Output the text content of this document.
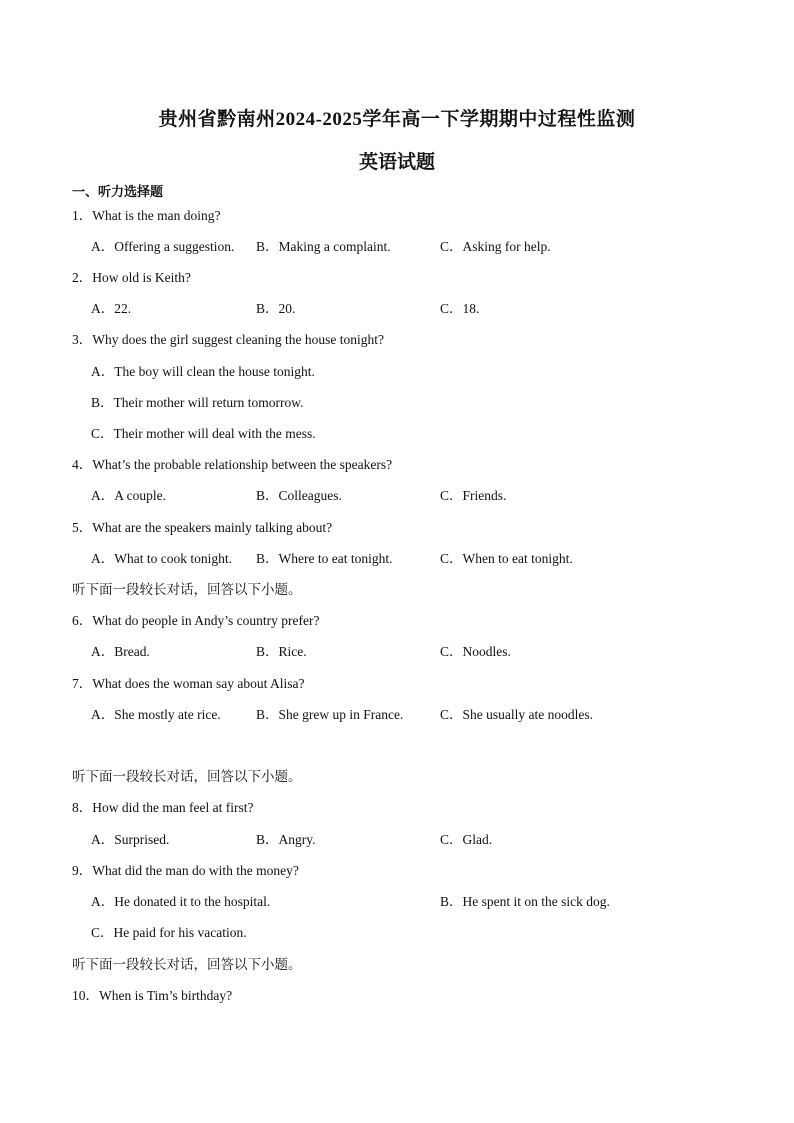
贵州省黔南州2024-2025学年高一下学期期中过程性监测
英语试题
一、听力选择题
1．What is the man doing?
A．Offering a suggestion. B．Making a complaint.	C．Asking for help.
2．How old is Keith?
A．22.	B．20.	C．18.
3．Why does the girl suggest cleaning the house tonight?
A．The boy will clean the house tonight.
B．Their mother will return tomorrow.
C．Their mother will deal with the mess.
4．What’s the probable relationship between the speakers?
A．A couple.	B．Colleagues.	C．Friends.
5．What are the speakers mainly talking about?
A．What to cook tonight. B．Where to eat tonight.	C．When to eat tonight.
听下面一段较长对话，回答以下小题。
6．What do people in Andy’s country prefer?
A．Bread.	B．Rice.	C．Noodles.
7．What does the woman say about Alisa?
A．She mostly ate rice.	B．She grew up in France.	C．She usually ate noodles.
听下面一段较长对话，回答以下小题。
8．How did the man feel at first?
A．Surprised.	B．Angry.	C．Glad.
9．What did the man do with the money?
A．He donated it to the hospital.	B．He spent it on the sick dog.
C．He paid for his vacation.
听下面一段较长对话，回答以下小题。
10．When is Tim’s birthday?
